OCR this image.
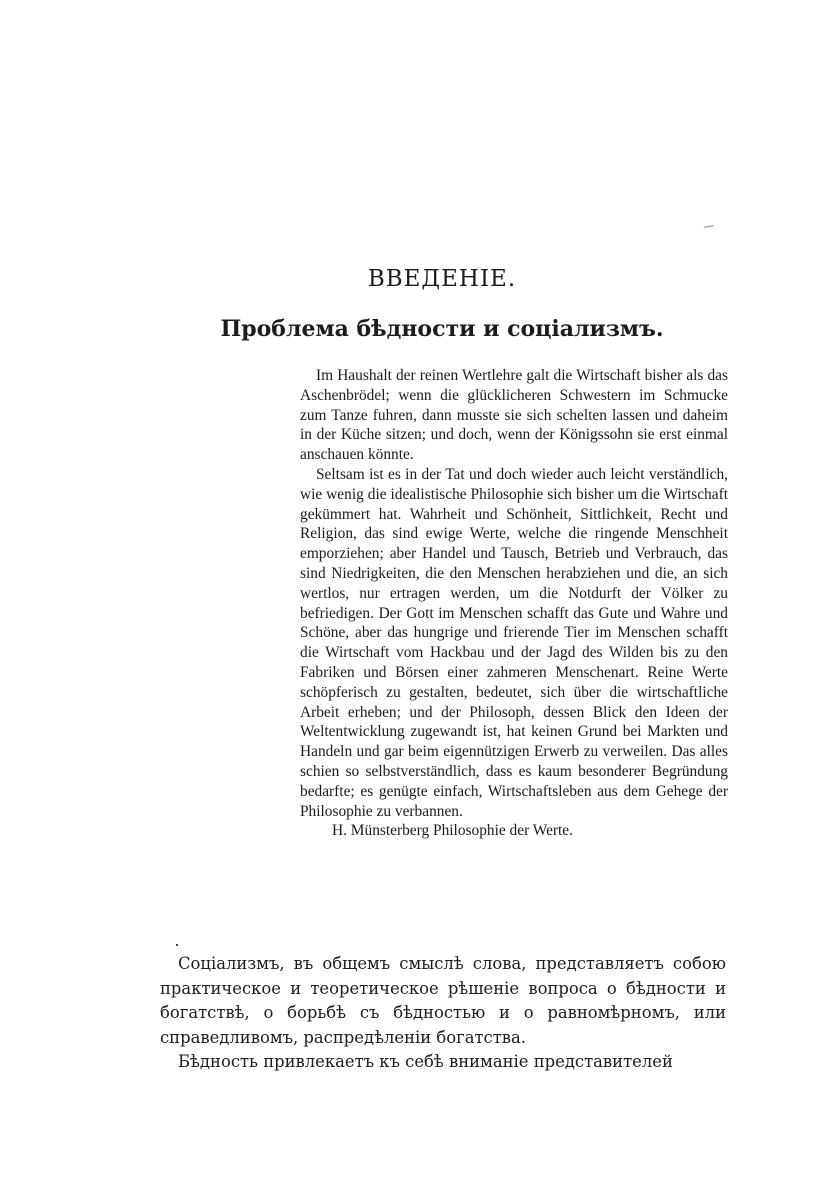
ВВЕДЕНІЕ.
Проблема бѣдности и соціализмъ.

Im Haushalt der reinen Wertlehre galt die Wirtschaft bisher als das Aschenbrödel; wenn die glücklicheren Schwestern im Schmucke zum Tanze fuhren, dann musste sie sich schelten lassen und daheim in der Küche sitzen; und doch, wenn der Königssohn sie erst einmal anschauen könnte.

Seltsam ist es in der Tat und doch wieder auch leicht verständlich, wie wenig die idealistische Philosophie sich bisher um die Wirtschaft gekümmert hat. Wahrheit und Schönheit, Sittlichkeit, Recht und Religion, das sind ewige Werte, welche die ringende Menschheit emporziehen; aber Handel und Tausch, Betrieb und Verbrauch, das sind Niedrigkeiten, die den Menschen herabziehen und die, an sich wertlos, nur ertragen werden, um die Notdurft der Völker zu befriedigen. Der Gott im Menschen schafft das Gute und Wahre und Schöne, aber das hungrige und frierende Tier im Menschen schafft die Wirtschaft vom Hackbau und der Jagd des Wilden bis zu den Fabriken und Börsen einer zahmeren Menschenart. Reine Werte schöpferisch zu gestalten, bedeutet, sich über die wirtschaftliche Arbeit erheben; und der Philosoph, dessen Blick den Ideen der Weltentwicklung zugewandt ist, hat keinen Grund bei Markten und Handeln und gar beim eigennützigen Erwerb zu verweilen. Das alles schien so selbstverständlich, dass es kaum besonderer Begründung bedarfte; es genügte einfach, Wirtschaftsleben aus dem Gehege der Philosophie zu verbannen.

H. Münsterberg Philosophie der Werte.

Соціализмъ, въ общемъ смыслѣ слова, представляетъ собою практическое и теоретическое рѣшеніе вопроса о бѣдности и богатствѣ, о борьбѣ съ бѣдностью и о равномѣрномъ, или справедливомъ, распредѣленіи богатства.

Бѣдность привлекаетъ къ себѣ вниманіе представителей
